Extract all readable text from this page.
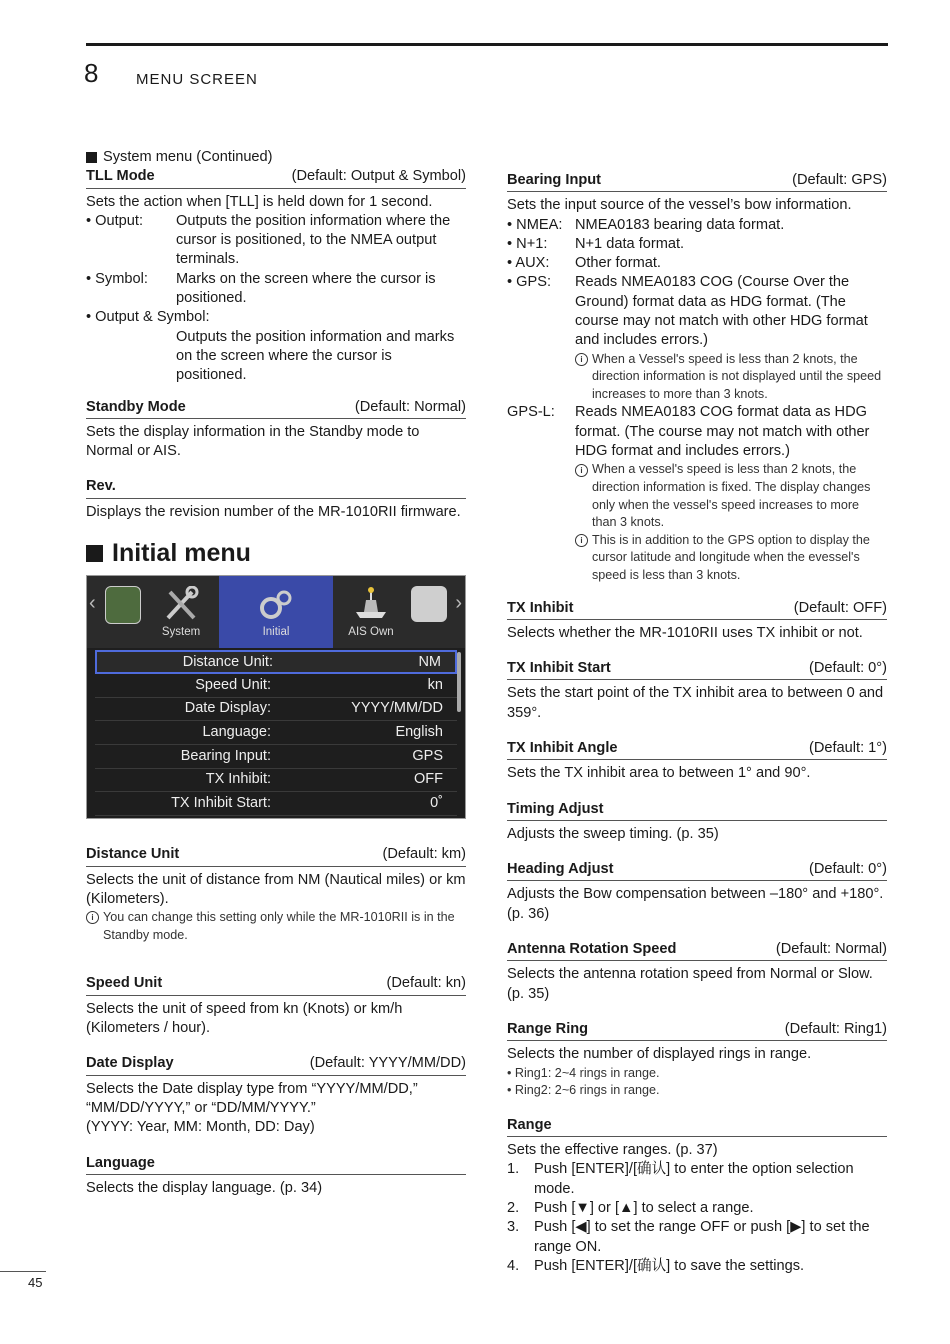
8	MENU SCREEN

System menu (Continued)

TLL Mode	(Default: Output & Symbol)

Sets the action when [TLL] is held down for 1 second.

• Output:	Outputs the position information where the cursor is positioned, to the NMEA output terminals.
• Symbol:	Marks on the screen where the cursor is positioned.

• Output & Symbol:

Outputs the position information and marks on the screen where the cursor is positioned.

Standby Mode	(Default: Normal)

Sets the display information in the Standby mode to Normal or AIS.

Rev.

Displays the revision number of the MR-1010RII firmware.

Initial menu
‹
System	Initial	AIS Own
›
Distance Unit:	NM
Speed Unit:	kn
Date Display:	YYYY/MM/DD
Language:	English
Bearing Input:	GPS
TX Inhibit:	OFF
TX Inhibit Start:	0˚
Distance Unit	(Default: km)

Selects the unit of distance from NM (Nautical miles) or km (Kilometers).

i You can change this setting only while the MR-1010RII is in the Standby mode.
Speed Unit	(Default: kn)

Selects the unit of speed from kn (Knots) or km/h (Kilometers / hour).

Date Display	(Default: YYYY/MM/DD)

Selects the Date display type from “YYYY/MM/DD,” “MM/DD/YYYY,” or “DD/MM/YYYY.”

(YYYY: Year, MM: Month, DD: Day)

Language

Selects the display language. (p. 34)

Bearing Input	(Default: GPS)

Sets the input source of the vessel’s bow information.

• NMEA: NMEA0183 bearing data format.
• N+1:	N+1 data format.
• AUX:	Other format.
• GPS:	Reads NMEA0183 COG (Course Over the Ground) format data as HDG format. (The course may not match with other HDG format and includes errors.)
i When a Vessel's speed is less than 2 knots, the direction information is not displayed until the speed increases to more than 3 knots.
GPS-L:	Reads NMEA0183 COG format data as HDG format. (The course may not match with other HDG format and includes errors.)
i When a vessel's speed is less than 2 knots, the direction information is fixed. The display changes only when the vessel's speed increases to more than 3 knots.
i This is in addition to the GPS option to display the cursor latitude and longitude when the evessel's speed is less than 3 knots.
TX Inhibit	(Default: OFF)

Selects whether the MR-1010RII uses TX inhibit or not.

TX Inhibit Start	(Default: 0°)

Sets the start point of the TX inhibit area to between 0 and 359°.

TX Inhibit Angle	(Default: 1°)

Sets the TX inhibit area to between 1° and 90°.

Timing Adjust

Adjusts the sweep timing. (p. 35)

Heading Adjust	(Default: 0°)

Adjusts the Bow compensation between –180° and +180°. (p. 36)

Antenna Rotation Speed	(Default: Normal)

Selects the antenna rotation speed from Normal or Slow. (p. 35)

Range Ring	(Default: Ring1)

Selects the number of displayed rings in range.

• Ring1: 2~4 rings in range.

• Ring2: 2~6 rings in range.

Range

Sets the effective ranges. (p. 37)

1.	Push [ENTER]/[确认] to enter the option selection mode.
2.	Push [▼] or [▲] to select a range.
3.	Push [◀] to set the range OFF or push [▶] to set the range ON.
4.	Push [ENTER]/[确认] to save the settings.
45
